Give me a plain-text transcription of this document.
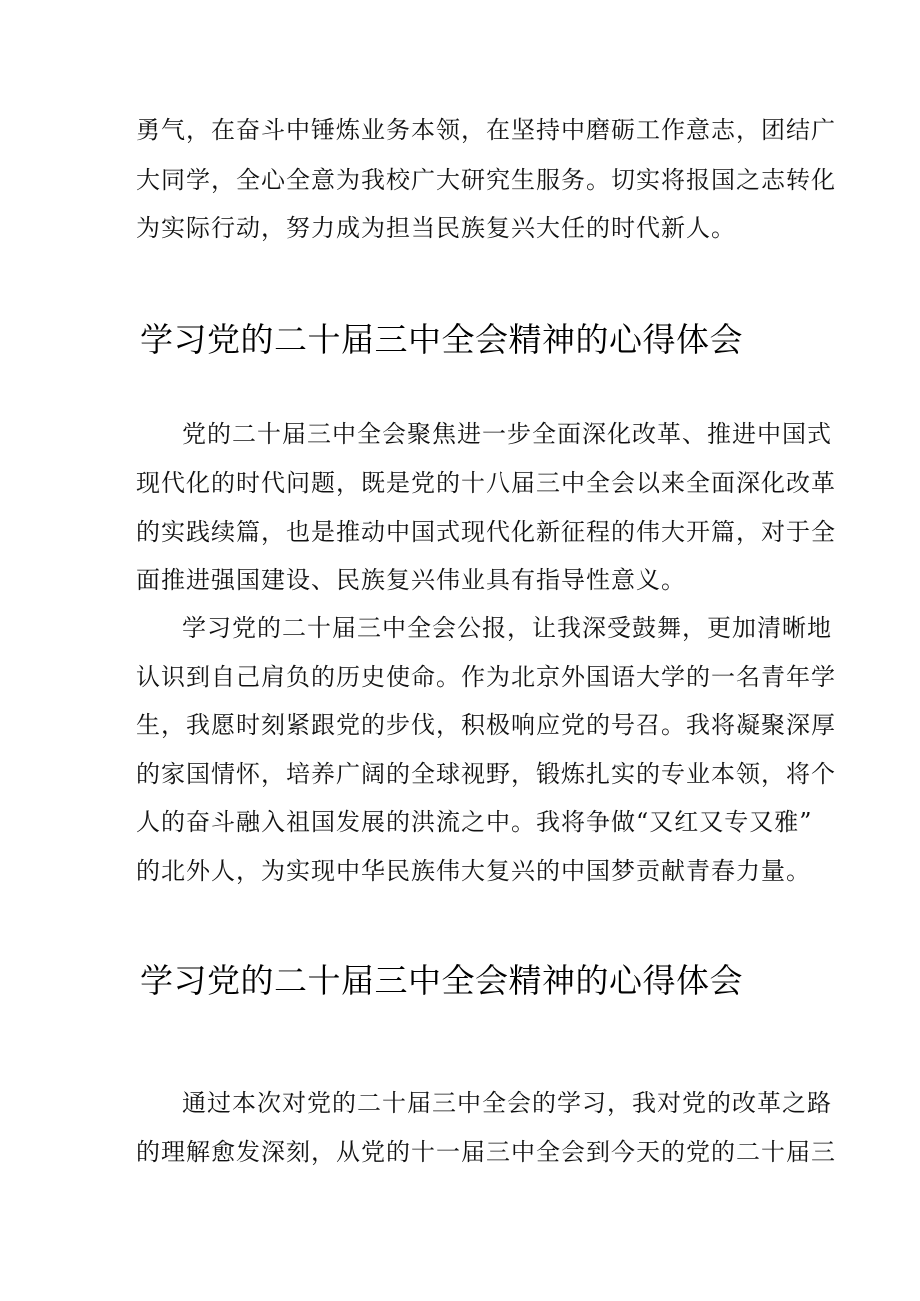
勇气，在奋斗中锤炼业务本领，在坚持中磨砺工作意志，团结广
大同学，全心全意为我校广大研究生服务。切实将报国之志转化
为实际行动，努力成为担当民族复兴大任的时代新人。
学习党的二十届三中全会精神的心得体会
党的二十届三中全会聚焦进一步全面深化改革、推进中国式
现代化的时代问题，既是党的十八届三中全会以来全面深化改革
的实践续篇，也是推动中国式现代化新征程的伟大开篇，对于全
面推进强国建设、民族复兴伟业具有指导性意义。
学习党的二十届三中全会公报，让我深受鼓舞，更加清晰地
认识到自己肩负的历史使命。作为北京外国语大学的一名青年学
生，我愿时刻紧跟党的步伐，积极响应党的号召。我将凝聚深厚
的家国情怀，培养广阔的全球视野，锻炼扎实的专业本领，将个
人的奋斗融入祖国发展的洪流之中。我将争做“又红又专又雅”
的北外人，为实现中华民族伟大复兴的中国梦贡献青春力量。
学习党的二十届三中全会精神的心得体会
通过本次对党的二十届三中全会的学习，我对党的改革之路
的理解愈发深刻，从党的十一届三中全会到今天的党的二十届三
